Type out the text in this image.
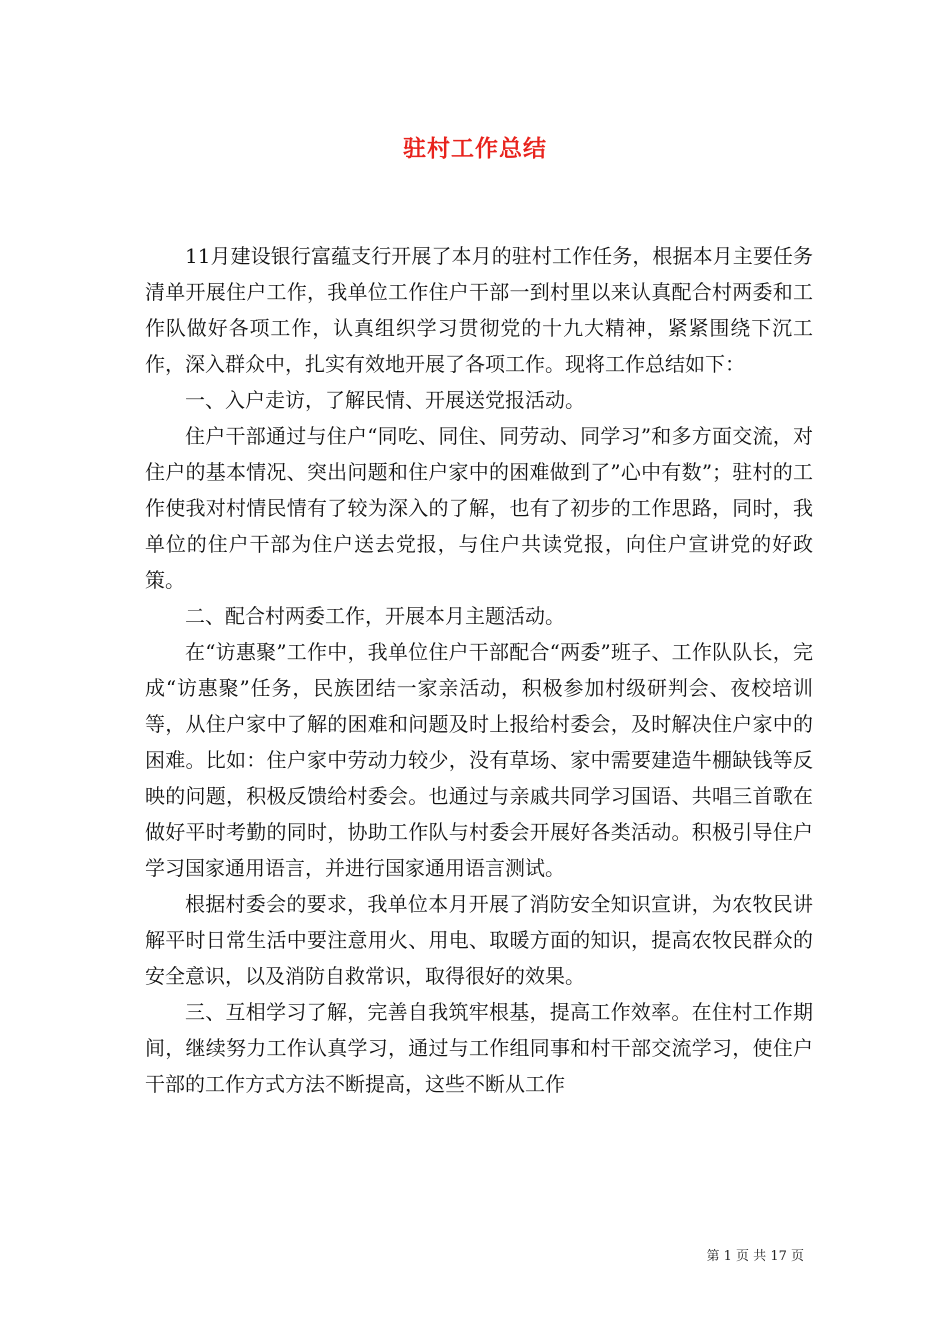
驻村工作总结

11月建设银行富蕴支行开展了本月的驻村工作任务，根据本月主要任务清单开展住户工作，我单位工作住户干部一到村里以来认真配合村两委和工作队做好各项工作，认真组织学习贯彻党的十九大精神，紧紧围绕下沉工作，深入群众中，扎实有效地开展了各项工作。现将工作总结如下：

一、入户走访，了解民情、开展送党报活动。

住户干部通过与住户“同吃、同住、同劳动、同学习”和多方面交流，对住户的基本情况、突出问题和住户家中的困难做到了”心中有数”；驻村的工作使我对村情民情有了较为深入的了解，也有了初步的工作思路，同时，我单位的住户干部为住户送去党报，与住户共读党报，向住户宣讲党的好政策。

二、配合村两委工作，开展本月主题活动。

在“访惠聚”工作中，我单位住户干部配合“两委”班子、工作队队长，完成“访惠聚”任务，民族团结一家亲活动，积极参加村级研判会、夜校培训等，从住户家中了解的困难和问题及时上报给村委会，及时解决住户家中的困难。比如：住户家中劳动力较少，没有草场、家中需要建造牛棚缺钱等反映的问题，积极反馈给村委会。也通过与亲戚共同学习国语、共唱三首歌在做好平时考勤的同时，协助工作队与村委会开展好各类活动。积极引导住户学习国家通用语言，并进行国家通用语言测试。

根据村委会的要求，我单位本月开展了消防安全知识宣讲，为农牧民讲解平时日常生活中要注意用火、用电、取暖方面的知识，提高农牧民群众的安全意识，以及消防自救常识，取得很好的效果。

三、互相学习了解，完善自我筑牢根基，提高工作效率。在住村工作期间，继续努力工作认真学习，通过与工作组同事和村干部交流学习，使住户干部的工作方式方法不断提高，这些不断从工作

第 1 页 共 17 页
